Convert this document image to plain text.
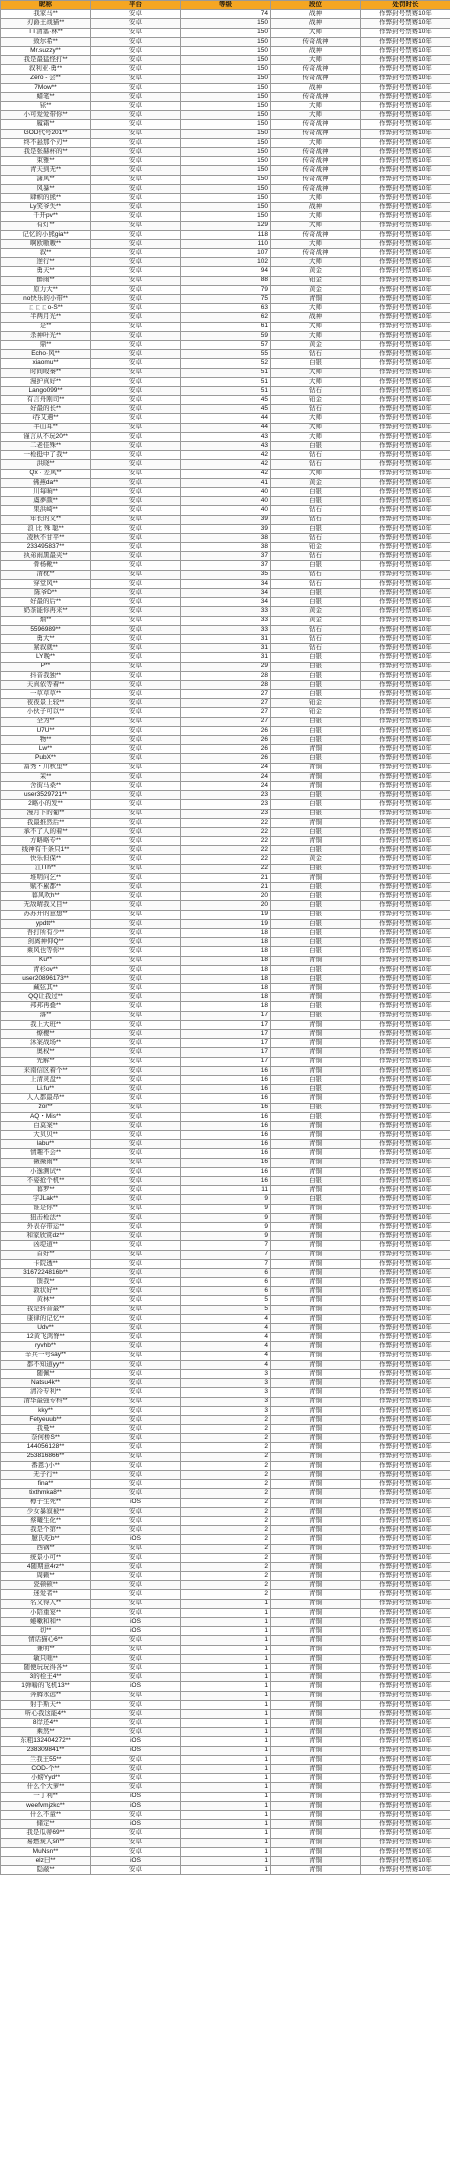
昵称	平台	等级	段位	处罚时长
我家马**	安卓	74	战神	作弊封号禁赛10年
刃爵王战猫**	安卓	150	战神	作弊封号禁赛10年
TT清塞·林**	安卓	150	大师	作弊封号禁赛10年
致尔希**	安卓	150	传奇战神	作弊封号禁赛10年
Mr.suzzy**	安卓	150	战神	作弊封号禁赛10年
我是最猛怪打**	安卓	150	大师	作弊封号禁赛10年
叙利亚·勇**	安卓	150	传奇战神	作弊封号禁赛10年
Zero - 会**	安卓	150	传奇战神	作弊封号禁赛10年
7Mow**	安卓	150	战神	作弊封号禁赛10年
蜡笔**	安卓	150	传奇战神	作弊封号禁赛10年
铱**	安卓	150	大师	作弊封号禁赛10年
小可爱爱带你**	安卓	150	大师	作弊封号禁赛10年
履霜**	安卓	150	传奇战神	作弊封号禁赛10年
GOD代号201**	安卓	150	传奇战神	作弊封号禁赛10年
终不悬那个刃**	安卓	150	大师	作弊封号禁赛10年
我是张赫杯的**	安卓	150	传奇战神	作弊封号禁赛10年
束雅**	安卓	150	传奇战神	作弊封号禁赛10年
青天到无**	安卓	150	传奇战神	作弊封号禁赛10年
潇风**	安卓	150	传奇战神	作弊封号禁赛10年
风暴**	安卓	150	传奇战神	作弊封号禁赛10年
肆帜的熊**	安卓	150	大师	作弊封号禁赛10年
Ly笑爷失**	安卓	150	战神	作弊封号禁赛10年
千开pv**	安卓	150	大师	作弊封号禁赛10年
有灯**	安卓	129	大师	作弊封号禁赛10年
记忆的小熊gia**	安卓	118	传奇战神	作弊封号禁赛10年
啊欧嗷嗷**	安卓	110	大师	作弊封号禁赛10年
叙**	安卓	107	传奇战神	作弊封号禁赛10年
逆行**	安卓	102	大师	作弊封号禁赛10年
勇天**	安卓	94	黄金	作弊封号禁赛10年
醉雨**	安卓	88	铂金	作弊封号禁赛10年
原力大**	安卓	79	黄金	作弊封号禁赛10年
no快乐的小带**	安卓	75	青铜	作弊封号禁赛10年
ㄈㄈㄈo-S**	安卓	63	大师	作弊封号禁赛10年
半两月光**	安卓	62	战神	作弊封号禁赛10年
是**	安卓	61	大师	作弊封号禁赛10年
杀神叶光**	安卓	59	大师	作弊封号禁赛10年
鼎**	安卓	57	黄金	作弊封号禁赛10年
Echo·风**	安卓	55	钻石	作弊封号禁赛10年
xiaomu**	安卓	52	白银	作弊封号禁赛10年
时间殴秦**	安卓	51	大师	作弊封号禁赛10年
漫护真好**	安卓	51	大师	作弊封号禁赛10年
Lango099**	安卓	51	钻石	作弊封号禁赛10年
有言舟刚司**	安卓	45	铂金	作弊封号禁赛10年
好最的长**	安卓	45	钻石	作弊封号禁赛10年
i吞艾遇**	安卓	44	大师	作弊封号禁赛10年
半山耳**	安卓	44	大师	作弊封号禁赛10年
谨言从不玩20**	安卓	43	大师	作弊封号禁赛10年
二老佳殊**	安卓	43	白银	作弊封号禁赛10年
一枪挺中了我**	安卓	42	钻石	作弊封号禁赛10年
洪晓**	安卓	42	钻石	作弊封号禁赛10年
Qx · 差风**	安卓	42	大师	作弊封号禁赛10年
佛燕da**	安卓	41	黄金	作弊封号禁赛10年
川每晌**	安卓	40	白银	作弊封号禁赛10年
虞夢颜**	安卓	40	白银	作弊封号禁赛10年
果洪崎**	安卓	40	钻石	作弊封号禁赛10年
年长的义**	安卓	39	钻石	作弊封号禁赛10年
浪 比 殊 聪**	安卓	39	白银	作弊封号禁赛10年
凌秋不甘平**	安卓	38	钻石	作弊封号禁赛10年
233495837**	安卓	38	铂金	作弊封号禁赛10年
执弟雨黑最夹**	安卓	37	钻石	作弊封号禁赛10年
骨杨靴**	安卓	37	白银	作弊封号禁赛10年
清枕**	安卓	35	钻石	作弊封号禁赛10年
穿堂风**	安卓	34	钻石	作弊封号禁赛10年
陈爷D**	安卓	34	白银	作弊封号禁赛10年
好最的后**	安卓	34	白银	作弊封号禁赛10年
奶茶能你再来**	安卓	33	黄金	作弊封号禁赛10年
烟**	安卓	33	黄金	作弊封号禁赛10年
5596989**	安卓	33	钻石	作弊封号禁赛10年
勇大**	安卓	31	钻石	作弊封号禁赛10年
紧叙就**	安卓	31	钻石	作弊封号禁赛10年
LY晚**	安卓	31	白银	作弊封号禁赛10年
P**	安卓	29	白银	作弊封号禁赛10年
抖音我独**	安卓	28	白银	作弊封号禁赛10年
天真依等着**	安卓	28	白银	作弊封号禁赛10年
一草草草**	安卓	27	白银	作弊封号禁赛10年
夜夜景上较**	安卓	27	铂金	作弊封号禁赛10年
小伙子可以**	安卓	27	铂金	作弊封号禁赛10年
全为**	安卓	27	白银	作弊封号禁赛10年
U7U**	安卓	26	白银	作弊封号禁赛10年
物**	安卓	26	白银	作弊封号禁赛10年
Lw**	安卓	26	青铜	作弊封号禁赛10年
PubX**	安卓	26	白银	作弊封号禁赛10年
富秀・川秋里**	安卓	24	青铜	作弊封号禁赛10年
茉**	安卓	24	青铜	作弊封号禁赛10年
舍街马桑**	安卓	24	青铜	作弊封号禁赛10年
user3529721**	安卓	23	白银	作弊封号禁赛10年
2略小的发**	安卓	23	白银	作弊封号禁赛10年
漫月下的葡**	安卓	23	白银	作弊封号禁赛10年
我最推然后**	安卓	22	青铜	作弊封号禁赛10年
承不了人的着**	安卓	22	白银	作弊封号禁赛10年
方略略专**	安卓	22	青铜	作弊封号禁赛10年
线神有千条只1**	安卓	22	白银	作弊封号禁赛10年
快乐但保**	安卓	22	黄金	作弊封号禁赛10年
江ITh**	安卓	22	白银	作弊封号禁赛10年
堆明问乞**	安卓	21	青铜	作弊封号禁赛10年
赋不累都**	安卓	21	白银	作弊封号禁赛10年
暮风吹h**	安卓	20	白银	作弊封号禁赛10年
无敌晴我又目**	安卓	20	白银	作弊封号禁赛10年
苏苏开的意想**	安卓	19	白银	作弊封号禁赛10年
ypdtt**	安卓	19	白银	作弊封号禁赛10年
吾打所有少**	安卓	18	白银	作弊封号禁赛10年
剑离神仰Q**	安卓	18	白银	作弊封号禁赛10年
乘风也等你**	安卓	18	白银	作弊封号禁赛10年
Ku**	安卓	18	青铜	作弊封号禁赛10年
青杉ov**	安卓	18	白银	作弊封号禁赛10年
user20896173**	安卓	18	白银	作弊封号禁赛10年
藏弦其**	安卓	18	青铜	作弊封号禁赛10年
QQ让我过**	安卓	18	青铜	作弊封号禁赛10年
邦邦再叠**	安卓	18	白银	作弊封号禁赛10年
落**	安卓	17	白银	作弊封号禁赛10年
我上大班**	安卓	17	青铜	作弊封号禁赛10年
燎樱**	安卓	17	青铜	作弊封号禁赛10年
沐案战场**	安卓	17	青铜	作弊封号禁赛10年
奥权**	安卓	17	青铜	作弊封号禁赛10年
先解**	安卓	17	青铜	作弊封号禁赛10年
来南信区着个**	安卓	16	青铜	作弊封号禁赛10年
上清灵盘**	安卓	16	白银	作弊封号禁赛10年
Li.fu**	安卓	16	白银	作弊封号禁赛10年
人人都最昂**	安卓	16	青铜	作弊封号禁赛10年
zor**	安卓	16	白银	作弊封号禁赛10年
AQ・Mis**	安卓	16	白银	作弊封号禁赛10年
白莫案**	安卓	16	青铜	作弊封号禁赛10年
大贝贝**	安卓	16	青铜	作弊封号禁赛10年
labu**	安卓	16	青铜	作弊封号禁赛10年
情趣不会**	安卓	16	青铜	作弊封号禁赛10年
薇薇雨**	安卓	16	青铜	作弊封号禁赛10年
小逸测试**	安卓	16	青铜	作弊封号禁赛10年
不姿抢个机**	安卓	16	白银	作弊封号禁赛10年
暮罗**	安卓	11	青铜	作弊封号禁赛10年
宇JLak**	安卓	9	白银	作弊封号禁赛10年
谁是你**	安卓	9	青铜	作弊封号禁赛10年
狙击枪法**	安卓	9	青铜	作弊封号禁赛10年
外表存带运**	安卓	9	青铜	作弊封号禁赛10年
和家欣赏dz**	安卓	9	青铜	作弊封号禁赛10年
凶堤道**	安卓	7	青铜	作弊封号禁赛10年
首好**	安卓	7	青铜	作弊封号禁赛10年
卡院透**	安卓	7	青铜	作弊封号禁赛10年
3167224816b**	安卓	6	青铜	作弊封号禁赛10年
馈我**	安卓	6	青铜	作弊封号禁赛10年
敦状好**	安卓	6	青铜	作弊封号禁赛10年
黄林**	安卓	5	青铜	作弊封号禁赛10年
我是抖音最**	安卓	5	青铜	作弊封号禁赛10年
康律的记忆**	安卓	4	青铜	作弊封号禁赛10年
Udv**	安卓	4	青铜	作弊封号禁赛10年
12黄飞鸿脊**	安卓	4	青铜	作弊封号禁赛10年
ryvhb**	安卓	4	青铜	作弊封号禁赛10年
辛兵一号say**	安卓	4	青铜	作弊封号禁赛10年
都不知道yy**	安卓	4	青铜	作弊封号禁赛10年
随佩**	安卓	3	青铜	作弊封号禁赛10年
Natsu4k**	安卓	3	青铜	作弊封号禁赛10年
清冷专利**	安卓	3	青铜	作弊封号禁赛10年
清华最强专科**	安卓	3	青铜	作弊封号禁赛10年
kky**	安卓	3	青铜	作弊封号禁赛10年
Fetyeuub**	安卓	2	青铜	作弊封号禁赛10年
我曼**	安卓	2	青铜	作弊封号禁赛10年
奈何桥S**	安卓	2	青铜	作弊封号禁赛10年
144056128**	安卓	2	青铜	作弊封号禁赛10年
253816866**	安卓	2	青铜	作弊封号禁赛10年
番恩:)小**	安卓	2	青铜	作弊封号禁赛10年
无子行**	安卓	2	青铜	作弊封号禁赛10年
fina**	安卓	2	青铜	作弊封号禁赛10年
tixthmka8**	安卓	2	青铜	作弊封号禁赛10年
樽子生死**	iOS	2	青铜	作弊封号禁赛10年
少女暴叙被**	安卓	2	青铜	作弊封号禁赛10年
蔡曦生化**	安卓	2	青铜	作弊封号禁赛10年
我是个第**	安卓	2	青铜	作弊封号禁赛10年
臆氏吃b**	iOS	2	青铜	作弊封号禁赛10年
西锅**	安卓	2	青铜	作弊封号禁赛10年
统景小可**	安卓	2	青铜	作弊封号禁赛10年
4随期意4rz**	安卓	2	青铜	作弊封号禁赛10年
周籁**	安卓	2	青铜	作弊封号禁赛10年
瓷顿顿**	安卓	2	青铜	作弊封号禁赛10年
迷爱者**	安卓	2	青铜	作弊封号禁赛10年
名又得人**	安卓	1	青铜	作弊封号禁赛10年
小陪重宴**	安卓	1	青铜	作弊封号禁赛10年
蜷嗽和和**	iOS	1	青铜	作弊封号禁赛10年
切**	iOS	1	青铜	作弊封号禁赛10年
情话猫心6**	安卓	1	青铜	作弊封号禁赛10年
兼明**	安卓	1	青铜	作弊封号禁赛10年
敏只咄**	安卓	1	青铜	作弊封号禁赛10年
随便玩玩得各**	安卓	1	青铜	作弊封号禁赛10年
3的栓王4**	安卓	1	青铜	作弊封号禁赛10年
1弹嚼的飞机13**	iOS	1	青铜	作弊封号禁赛10年
奔腾永远**	安卓	1	青铜	作弊封号禁赛10年
射手斯天**	安卓	1	青铜	作弊封号禁赛10年
听心我这能4**	安卓	1	青铜	作弊封号禁赛10年
8岸还4**	安卓	1	青铜	作弊封号禁赛10年
乘然**	安卓	1	青铜	作弊封号禁赛10年
东粗132404272**	iOS	1	青铜	作弊封号禁赛10年
238309841**	iOS	1	青铜	作弊封号禁赛10年
兰我王55**	安卓	1	青铜	作弊封号禁赛10年
COD-个**	安卓	1	青铜	作弊封号禁赛10年
小螃Yyd**	安卓	1	青铜	作弊封号禁赛10年
什么个大萝**	安卓	1	青铜	作弊封号禁赛10年
一丁利**	iOS	1	青铜	作弊封号禁赛10年
weefvmjzkc**	iOS	1	青铜	作弊封号禁赛10年
什么不童**	安卓	1	青铜	作弊封号禁赛10年
储定**	iOS	1	青铜	作弊封号禁赛10年
我是瓜蒂69**	安卓	1	青铜	作弊封号禁赛10年
易燃炭人sn**	安卓	1	青铜	作弊封号禁赛10年
MuNsn**	安卓	1	青铜	作弊封号禁赛10年
elz曰**	iOS	1	青铜	作弊封号禁赛10年
隐蔽**	安卓	1	青铜	作弊封号禁赛10年
